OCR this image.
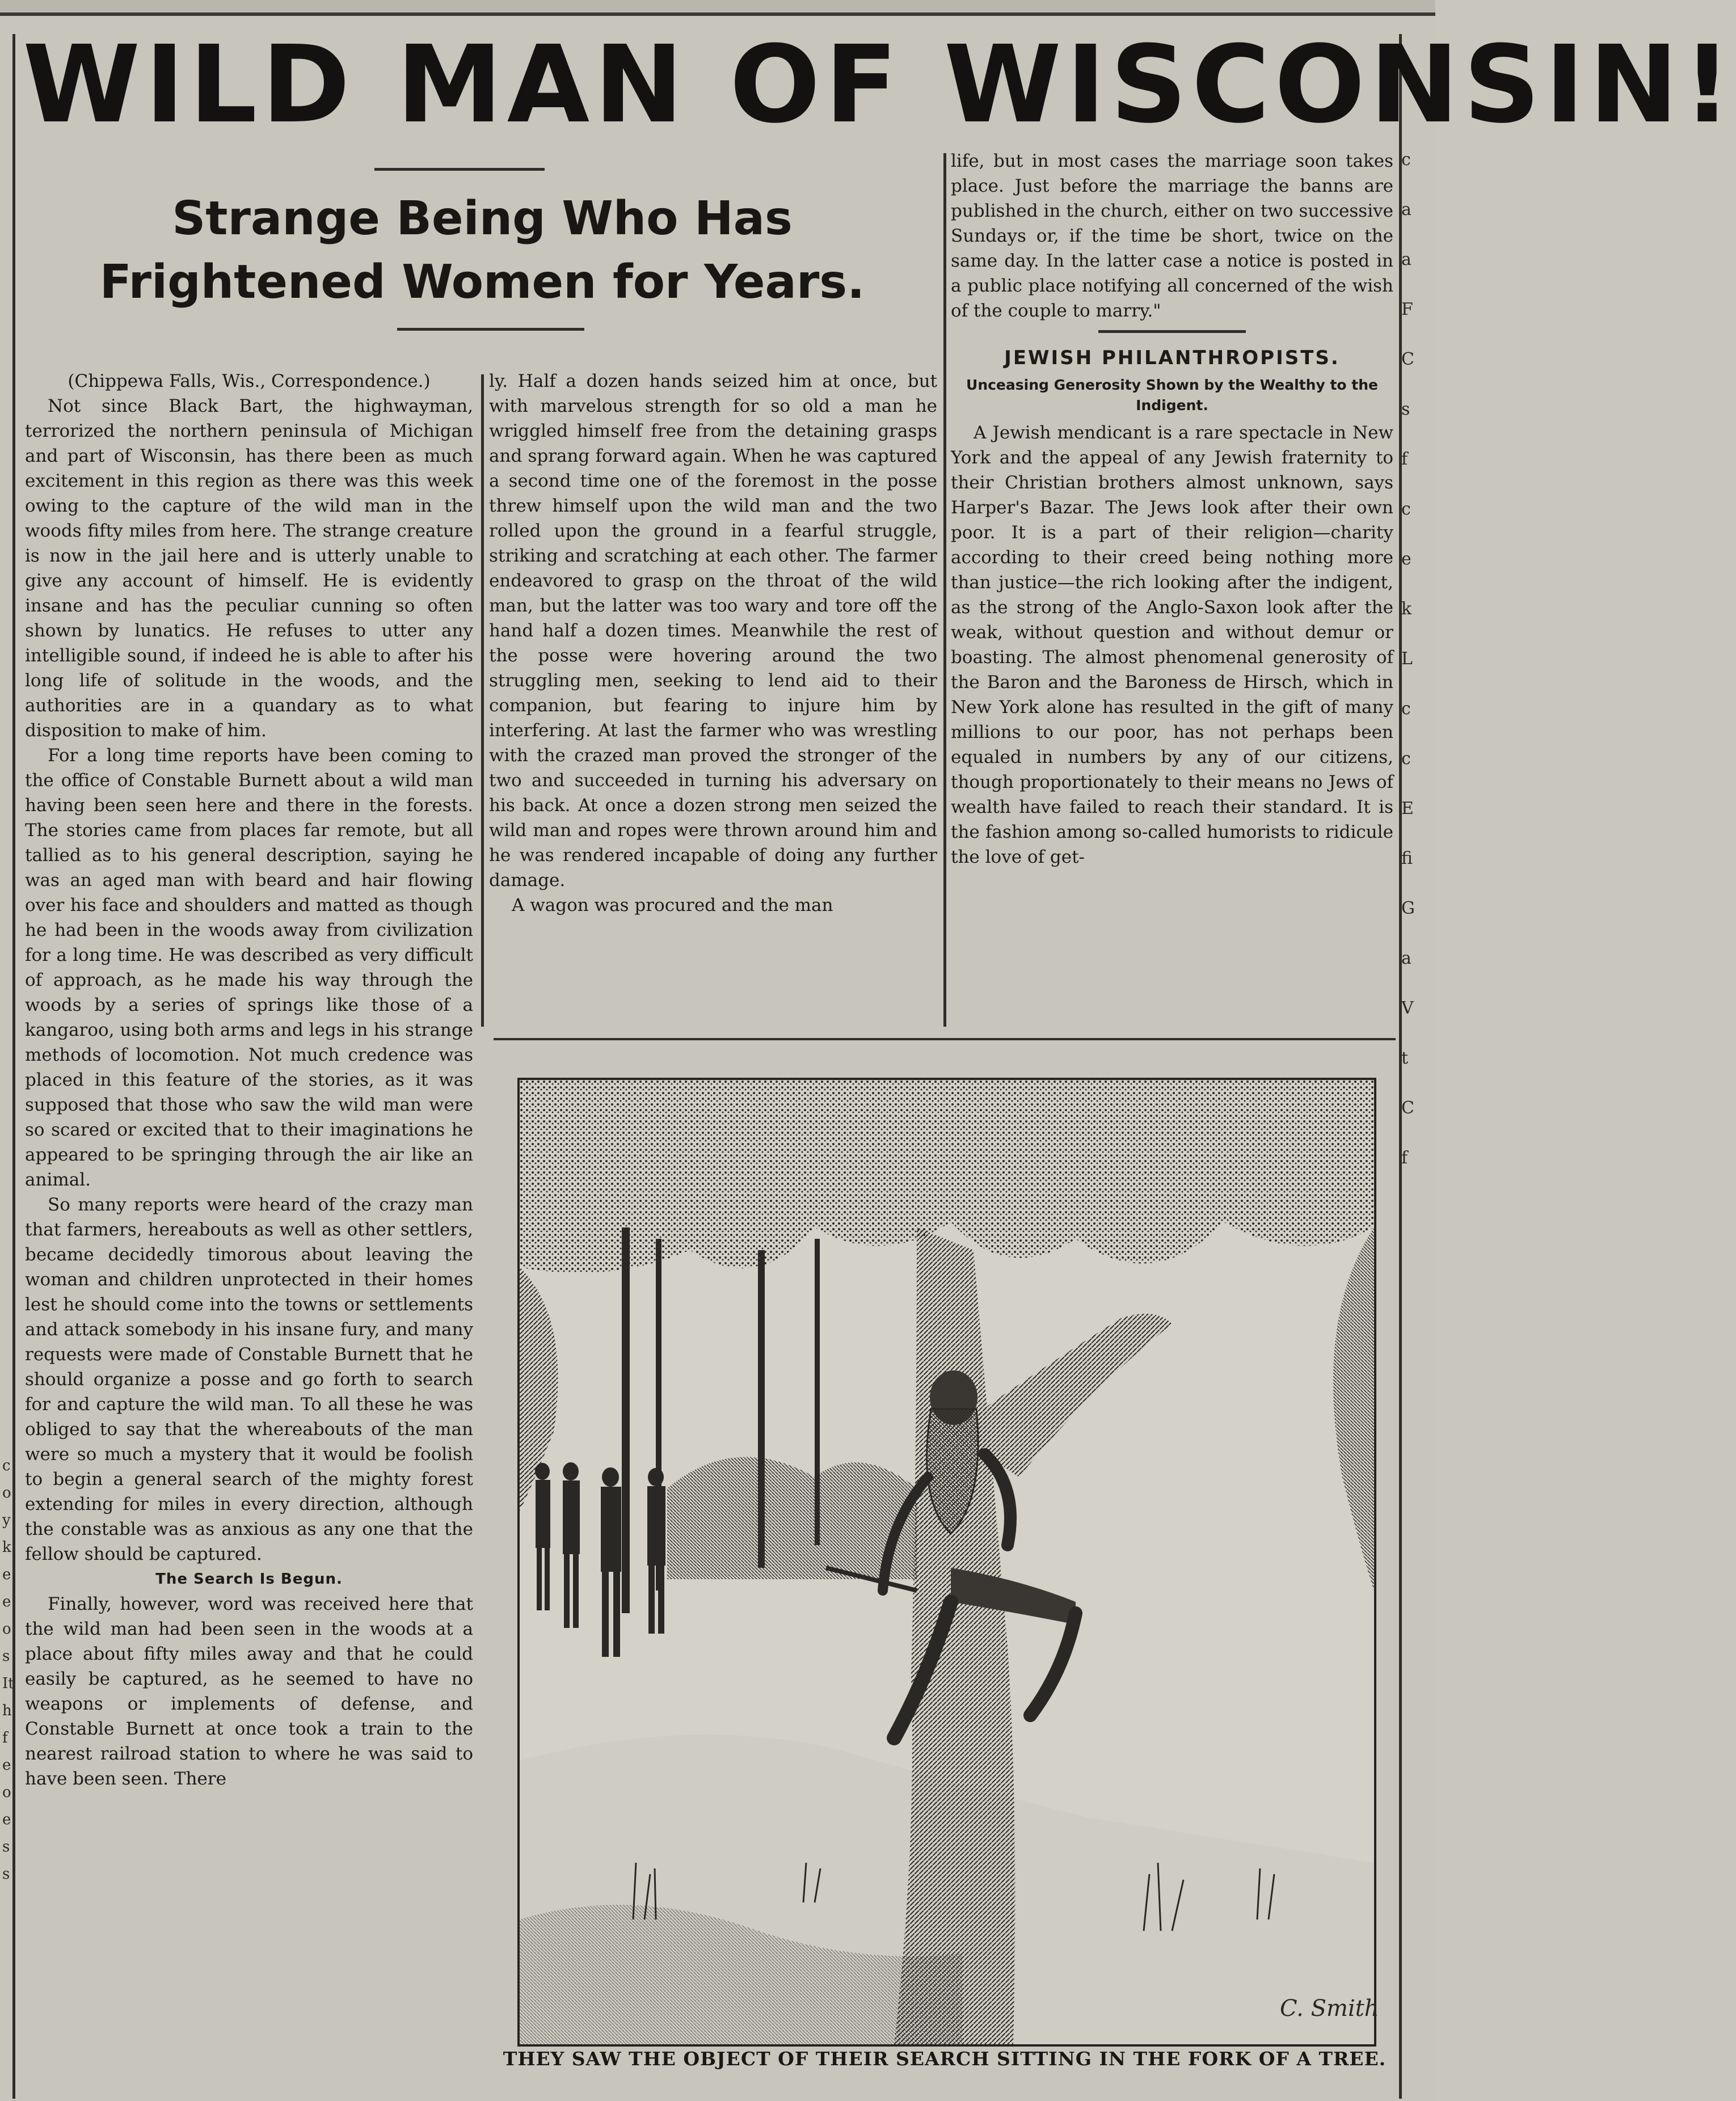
WILD MAN OF WISCONSIN!
Strange Being Who Has Frightened Women for Years.

(Chippewa Falls, Wis., Correspondence.)

Not since Black Bart, the highwayman, terrorized the northern peninsula of Michigan and part of Wisconsin, has there been as much excitement in this region as there was this week owing to the capture of the wild man in the woods fifty miles from here. The strange creature is now in the jail here and is utterly unable to give any account of himself. He is evidently insane and has the peculiar cunning so often shown by lunatics. He refuses to utter any intelligible sound, if indeed he is able to after his long life of solitude in the woods, and the authorities are in a quandary as to what disposition to make of him.

For a long time reports have been coming to the office of Constable Burnett about a wild man having been seen here and there in the forests. The stories came from places far remote, but all tallied as to his general description, saying he was an aged man with beard and hair flowing over his face and shoulders and matted as though he had been in the woods away from civilization for a long time. He was described as very difficult of approach, as he made his way through the woods by a series of springs like those of a kangaroo, using both arms and legs in his strange methods of locomotion. Not much credence was placed in this feature of the stories, as it was supposed that those who saw the wild man were so scared or excited that to their imaginations he appeared to be springing through the air like an animal.

So many reports were heard of the crazy man that farmers, hereabouts as well as other settlers, became decidedly timorous about leaving the woman and children unprotected in their homes lest he should come into the towns or settlements and attack somebody in his insane fury, and many requests were made of Constable Burnett that he should organize a posse and go forth to search for and capture the wild man. To all these he was obliged to say that the whereabouts of the man were so much a mystery that it would be foolish to begin a general search of the mighty forest extending for miles in every direction, although the constable was as anxious as any one that the fellow should be captured.

The Search Is Begun.

Finally, however, word was received here that the wild man had been seen in the woods at a place about fifty miles away and that he could easily be captured, as he seemed to have no weapons or implements of defense, and Constable Burnett at once took a train to the nearest railroad station to where he was said to have been seen. There

ly. Half a dozen hands seized him at once, but with marvelous strength for so old a man he wriggled himself free from the detaining grasps and sprang forward again. When he was captured a second time one of the foremost in the posse threw himself upon the wild man and the two rolled upon the ground in a fearful struggle, striking and scratching at each other. The farmer endeavored to grasp on the throat of the wild man, but the latter was too wary and tore off the hand half a dozen times. Meanwhile the rest of the posse were hovering around the two struggling men, seeking to lend aid to their companion, but fearing to injure him by interfering. At last the farmer who was wrestling with the crazed man proved the stronger of the two and succeeded in turning his adversary on his back. At once a dozen strong men seized the wild man and ropes were thrown around him and he was rendered incapable of doing any further damage.

A wagon was procured and the man

life, but in most cases the marriage soon takes place. Just before the marriage the banns are published in the church, either on two successive Sundays or, if the time be short, twice on the same day. In the latter case a notice is posted in a public place notifying all concerned of the wish of the couple to marry."

JEWISH PHILANTHROPISTS.
Unceasing Generosity Shown by the Wealthy to the Indigent.

A Jewish mendicant is a rare spectacle in New York and the appeal of any Jewish fraternity to their Christian brothers almost unknown, says Harper's Bazar. The Jews look after their own poor. It is a part of their religion—charity according to their creed being nothing more than justice—the rich looking after the indigent, as the strong of the Anglo-Saxon look after the weak, without question and without demur or boasting. The almost phenomenal generosity of the Baron and the Baroness de Hirsch, which in New York alone has resulted in the gift of many millions to our poor, has not perhaps been equaled in numbers by any of our citizens, though proportionately to their means no Jews of wealth have failed to reach their standard. It is the fashion among so-called humorists to ridicule the love of get-

C. Smith
THEY SAW THE OBJECT OF THEIR SEARCH SITTING IN THE FORK OF A TREE.
c
a
a
F
C
s
f
c
e
k
L
c
c
E
fi
G
a
V
t
C
f
c
o
y
k
e
e
o
s
It
h
f
e
o
e
s
s
